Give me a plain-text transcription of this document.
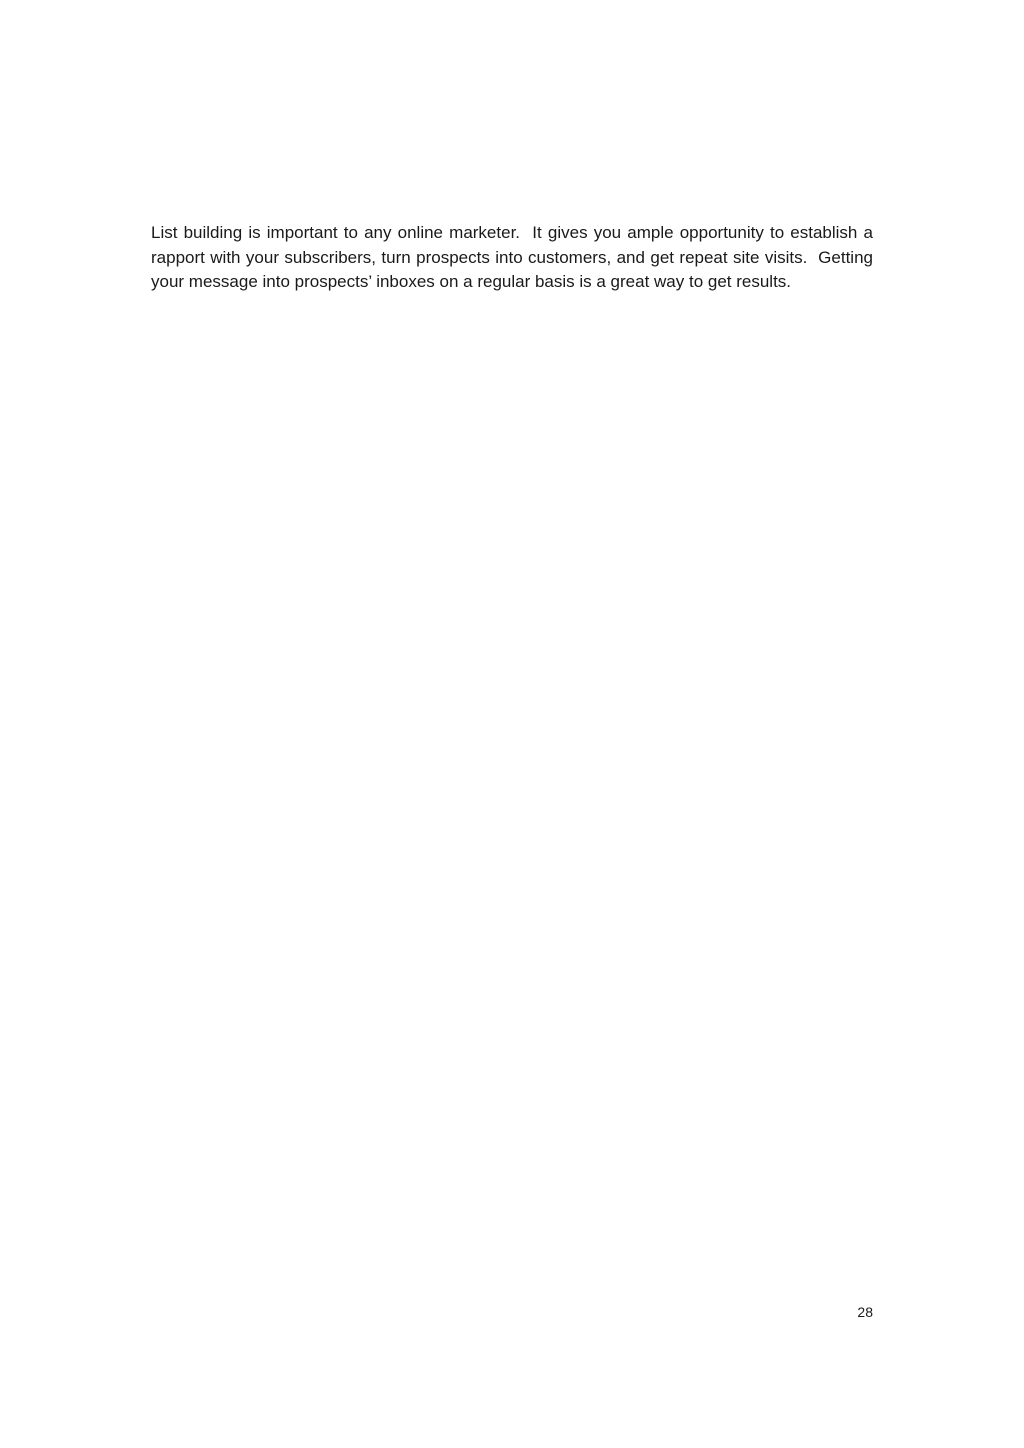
List building is important to any online marketer.  It gives you ample opportunity to establish a rapport with your subscribers, turn prospects into customers, and get repeat site visits.  Getting your message into prospects’ inboxes on a regular basis is a great way to get results.

28
